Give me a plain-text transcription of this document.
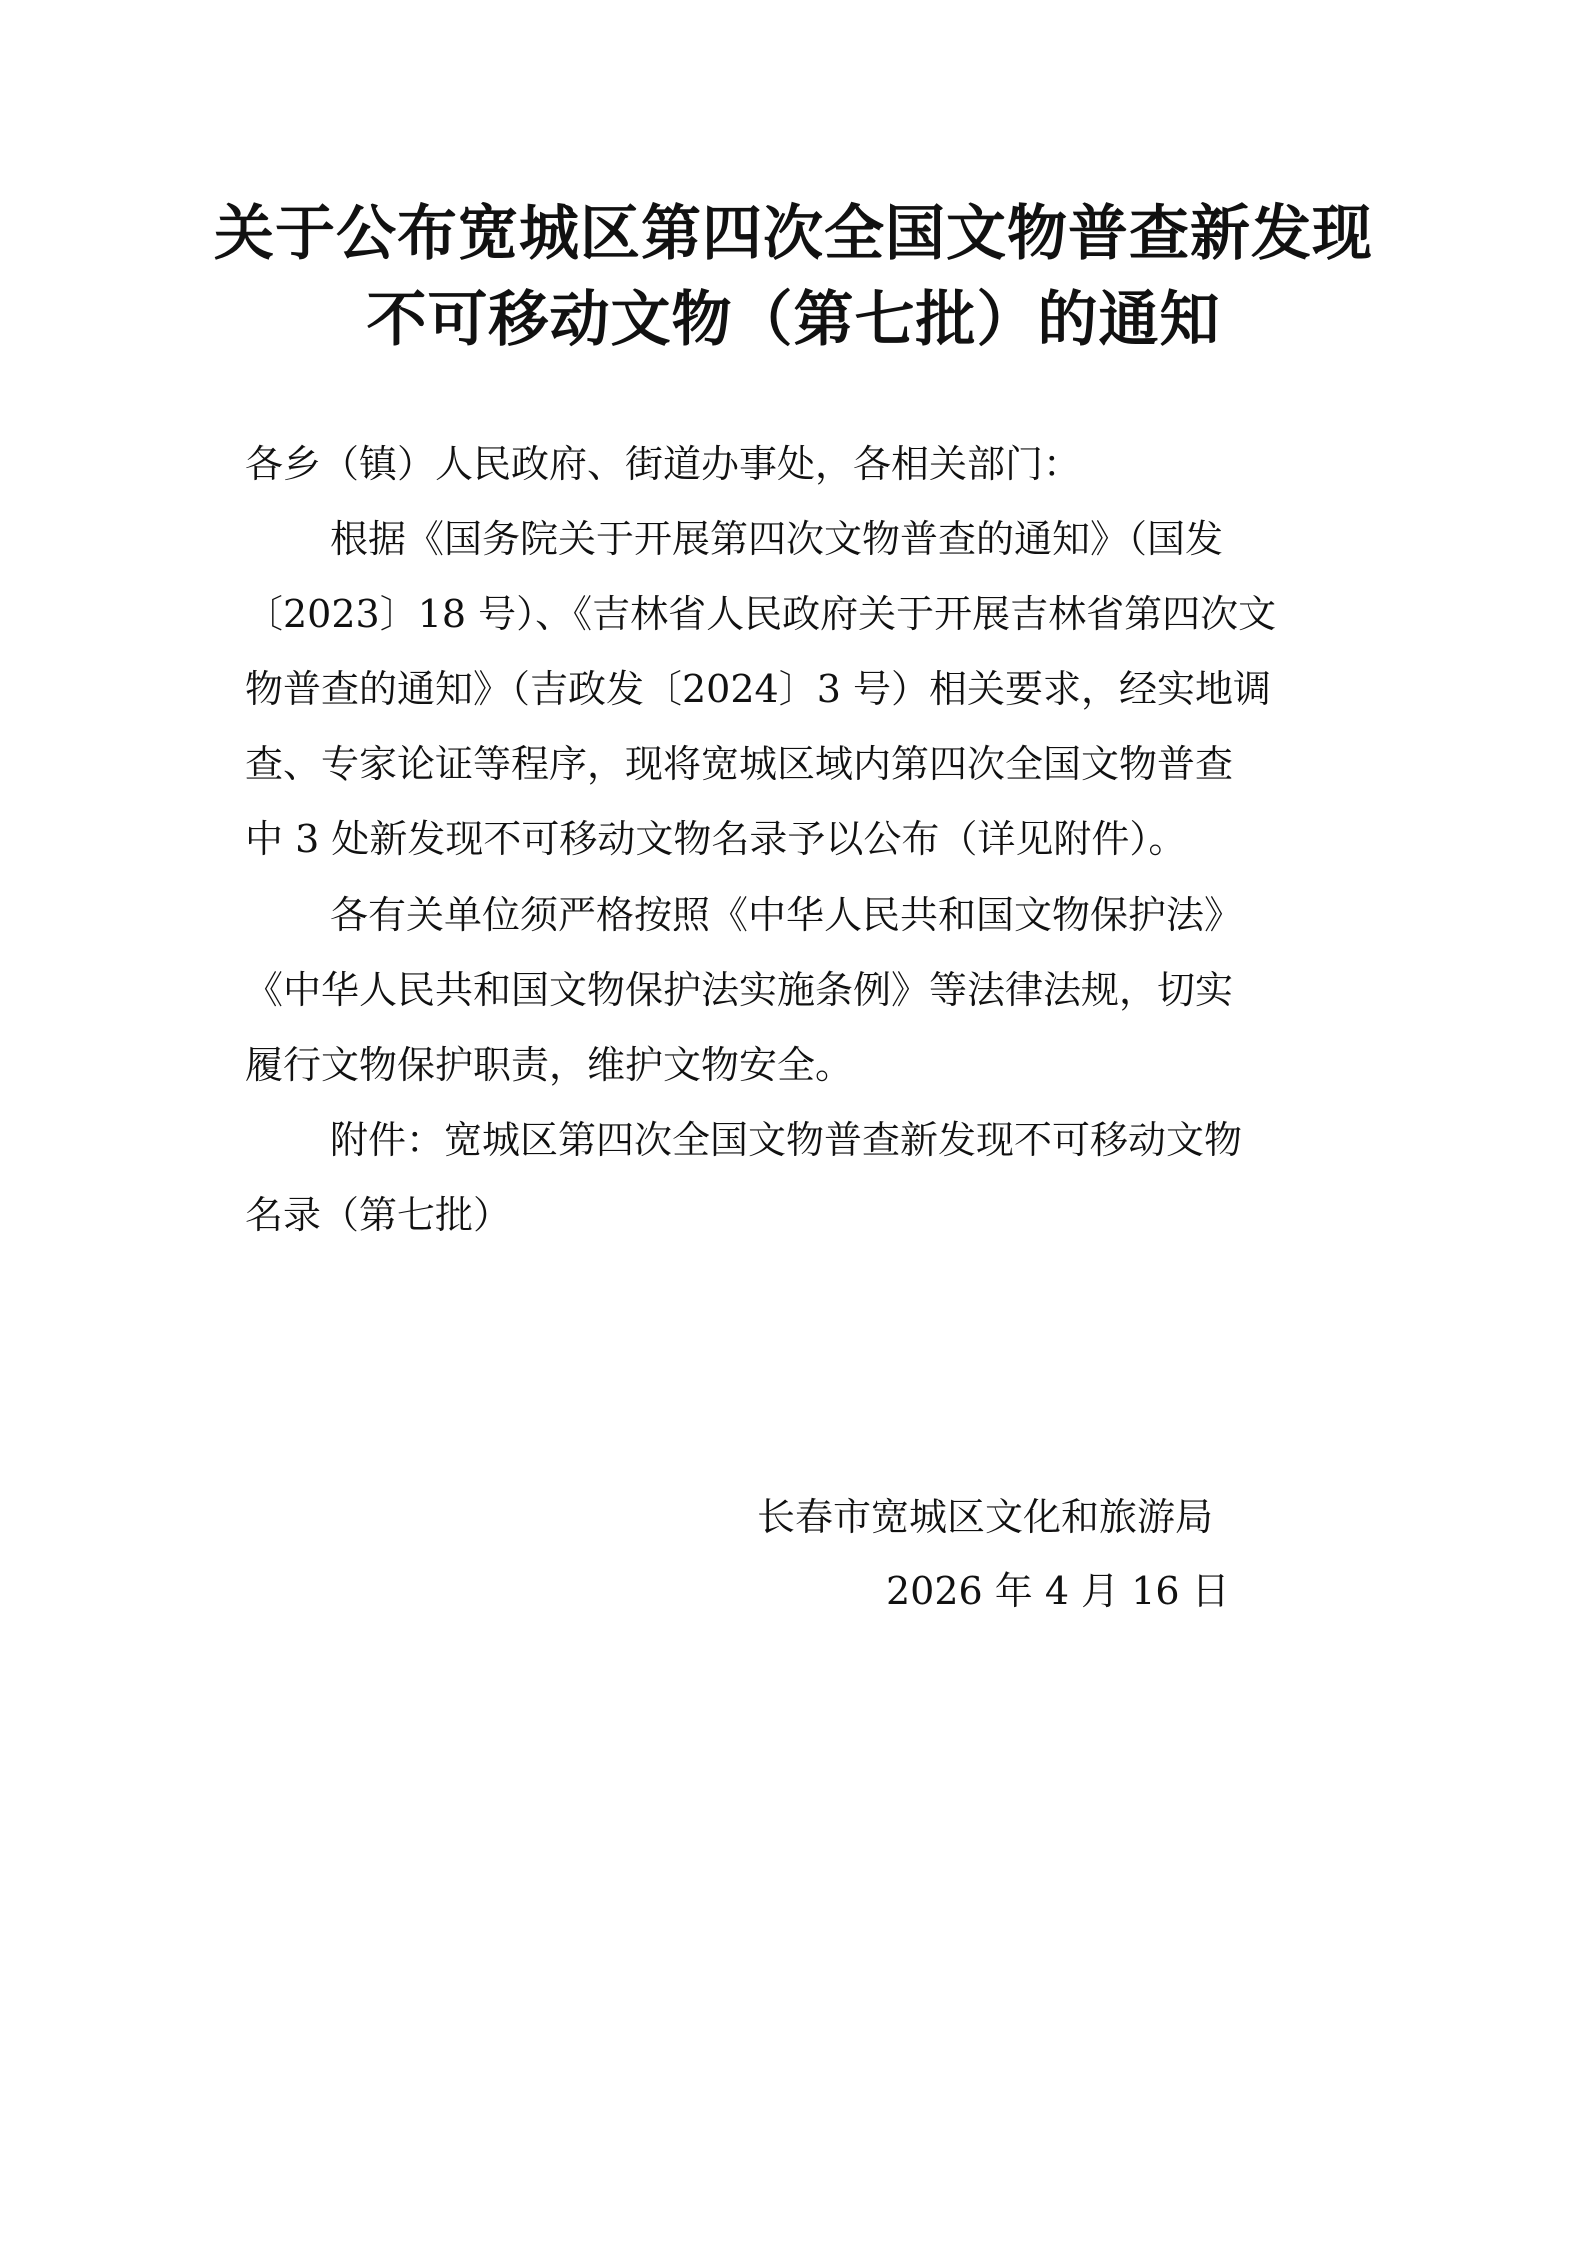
关于公布宽城区第四次全国文物普查新发现
不可移动文物（第七批）的通知

各乡（镇）人民政府、街道办事处，各相关部门：

根据《国务院关于开展第四次文物普查的通知》（国发

〔2023〕18 号）、《吉林省人民政府关于开展吉林省第四次文

物普查的通知》（吉政发〔2024〕3 号）相关要求，经实地调

查、专家论证等程序，现将宽城区域内第四次全国文物普查

中 3 处新发现不可移动文物名录予以公布（详见附件）。

各有关单位须严格按照《中华人民共和国文物保护法》

《中华人民共和国文物保护法实施条例》等法律法规，切实

履行文物保护职责，维护文物安全。

附件：宽城区第四次全国文物普查新发现不可移动文物

名录（第七批）

长春市宽城区文化和旅游局

2026 年 4 月 16 日
